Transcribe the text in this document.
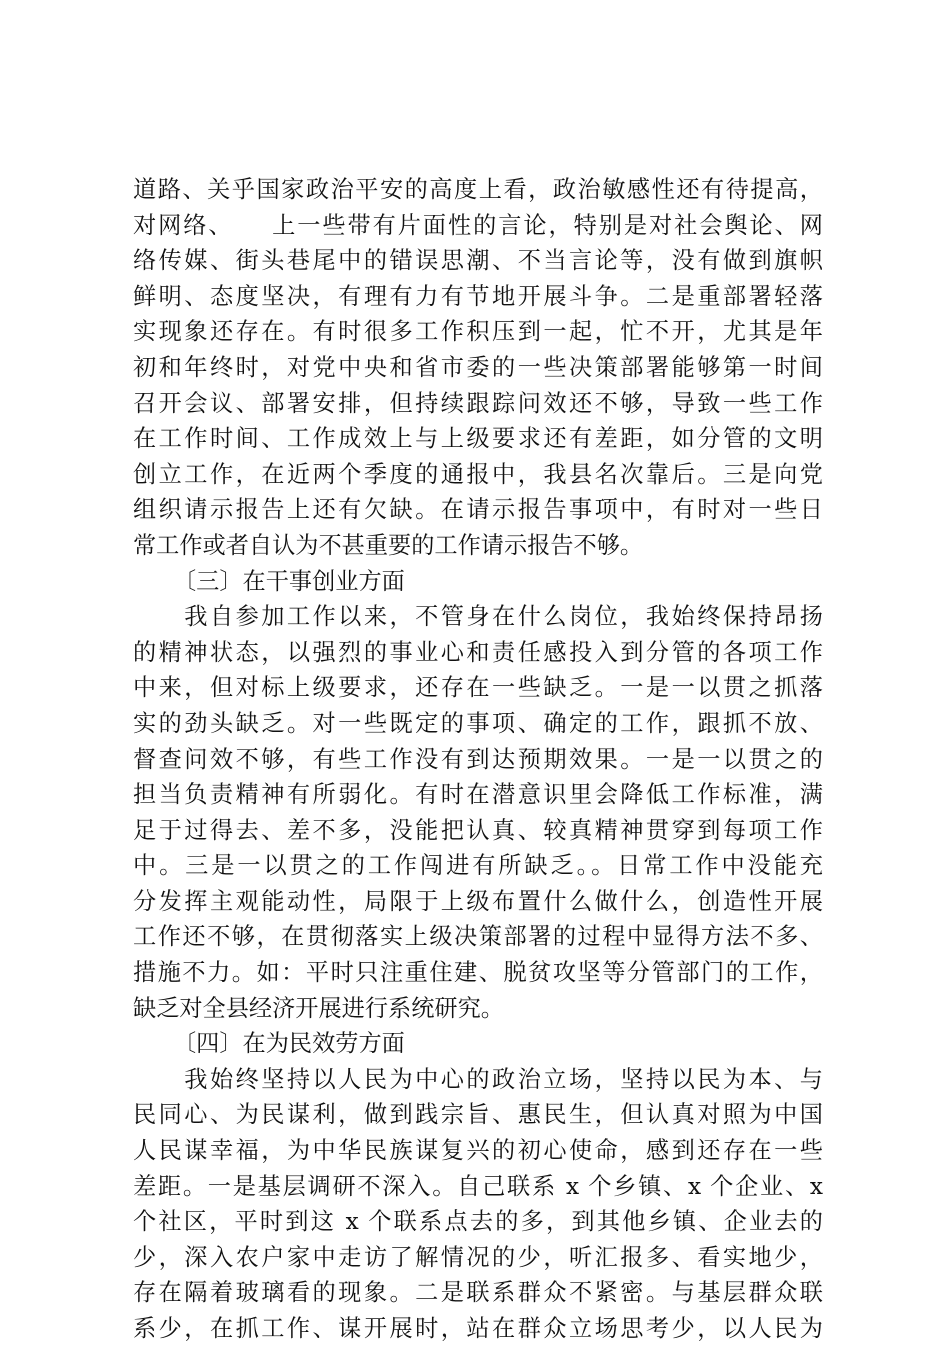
道路、关乎国家政治平安的高度上看，政治敏感性还有待提高，
对网络、　　上一些带有片面性的言论，特别是对社会舆论、网
络传媒、街头巷尾中的错误思潮、不当言论等，没有做到旗帜
鲜明、态度坚决，有理有力有节地开展斗争。二是重部署轻落
实现象还存在。有时很多工作积压到一起，忙不开，尤其是年
初和年终时，对党中央和省市委的一些决策部署能够第一时间
召开会议、部署安排，但持续跟踪问效还不够，导致一些工作
在工作时间、工作成效上与上级要求还有差距，如分管的文明
创立工作，在近两个季度的通报中，我县名次靠后。三是向党
组织请示报告上还有欠缺。在请示报告事项中，有时对一些日
常工作或者自认为不甚重要的工作请示报告不够。
〔三〕在干事创业方面
　　我自参加工作以来，不管身在什么岗位，我始终保持昂扬
的精神状态，以强烈的事业心和责任感投入到分管的各项工作
中来，但对标上级要求，还存在一些缺乏。一是一以贯之抓落
实的劲头缺乏。对一些既定的事项、确定的工作，跟抓不放、
督查问效不够，有些工作没有到达预期效果。一是一以贯之的
担当负责精神有所弱化。有时在潜意识里会降低工作标准，满
足于过得去、差不多，没能把认真、较真精神贯穿到每项工作
中。三是一以贯之的工作闯进有所缺乏。。日常工作中没能充
分发挥主观能动性，局限于上级布置什么做什么，创造性开展
工作还不够，在贯彻落实上级决策部署的过程中显得方法不多、
措施不力。如：平时只注重住建、脱贫攻坚等分管部门的工作，
缺乏对全县经济开展进行系统研究。
〔四〕在为民效劳方面
　　我始终坚持以人民为中心的政治立场，坚持以民为本、与
民同心、为民谋利，做到践宗旨、惠民生，但认真对照为中国
人民谋幸福，为中华民族谋复兴的初心使命，感到还存在一些
差距。一是基层调研不深入。自己联系 x 个乡镇、x 个企业、x
个社区，平时到这 x 个联系点去的多，到其他乡镇、企业去的
少，深入农户家中走访了解情况的少，听汇报多、看实地少，
存在隔着玻璃看的现象。二是联系群众不紧密。与基层群众联
系少，在抓工作、谋开展时，站在群众立场思考少，以人民为
